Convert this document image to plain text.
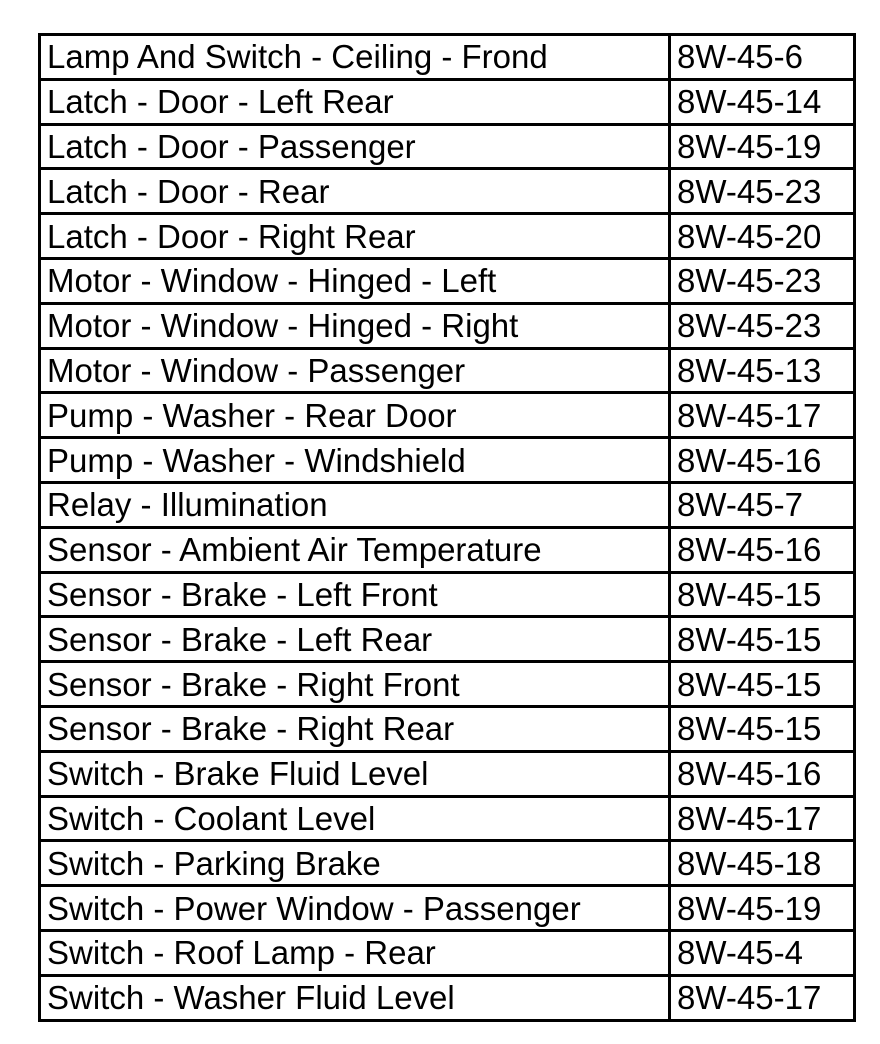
Lamp And Switch - Ceiling - Frond	8W-45-6
Latch - Door - Left Rear	8W-45-14
Latch - Door - Passenger	8W-45-19
Latch - Door - Rear	8W-45-23
Latch - Door - Right Rear	8W-45-20
Motor - Window - Hinged - Left	8W-45-23
Motor - Window - Hinged - Right	8W-45-23
Motor - Window - Passenger	8W-45-13
Pump - Washer - Rear Door	8W-45-17
Pump - Washer - Windshield	8W-45-16
Relay - Illumination	8W-45-7
Sensor - Ambient Air Temperature	8W-45-16
Sensor - Brake - Left Front	8W-45-15
Sensor - Brake - Left Rear	8W-45-15
Sensor - Brake - Right Front	8W-45-15
Sensor - Brake - Right Rear	8W-45-15
Switch - Brake Fluid Level	8W-45-16
Switch - Coolant Level	8W-45-17
Switch - Parking Brake	8W-45-18
Switch - Power Window - Passenger	8W-45-19
Switch - Roof Lamp - Rear	8W-45-4
Switch - Washer Fluid Level	8W-45-17
